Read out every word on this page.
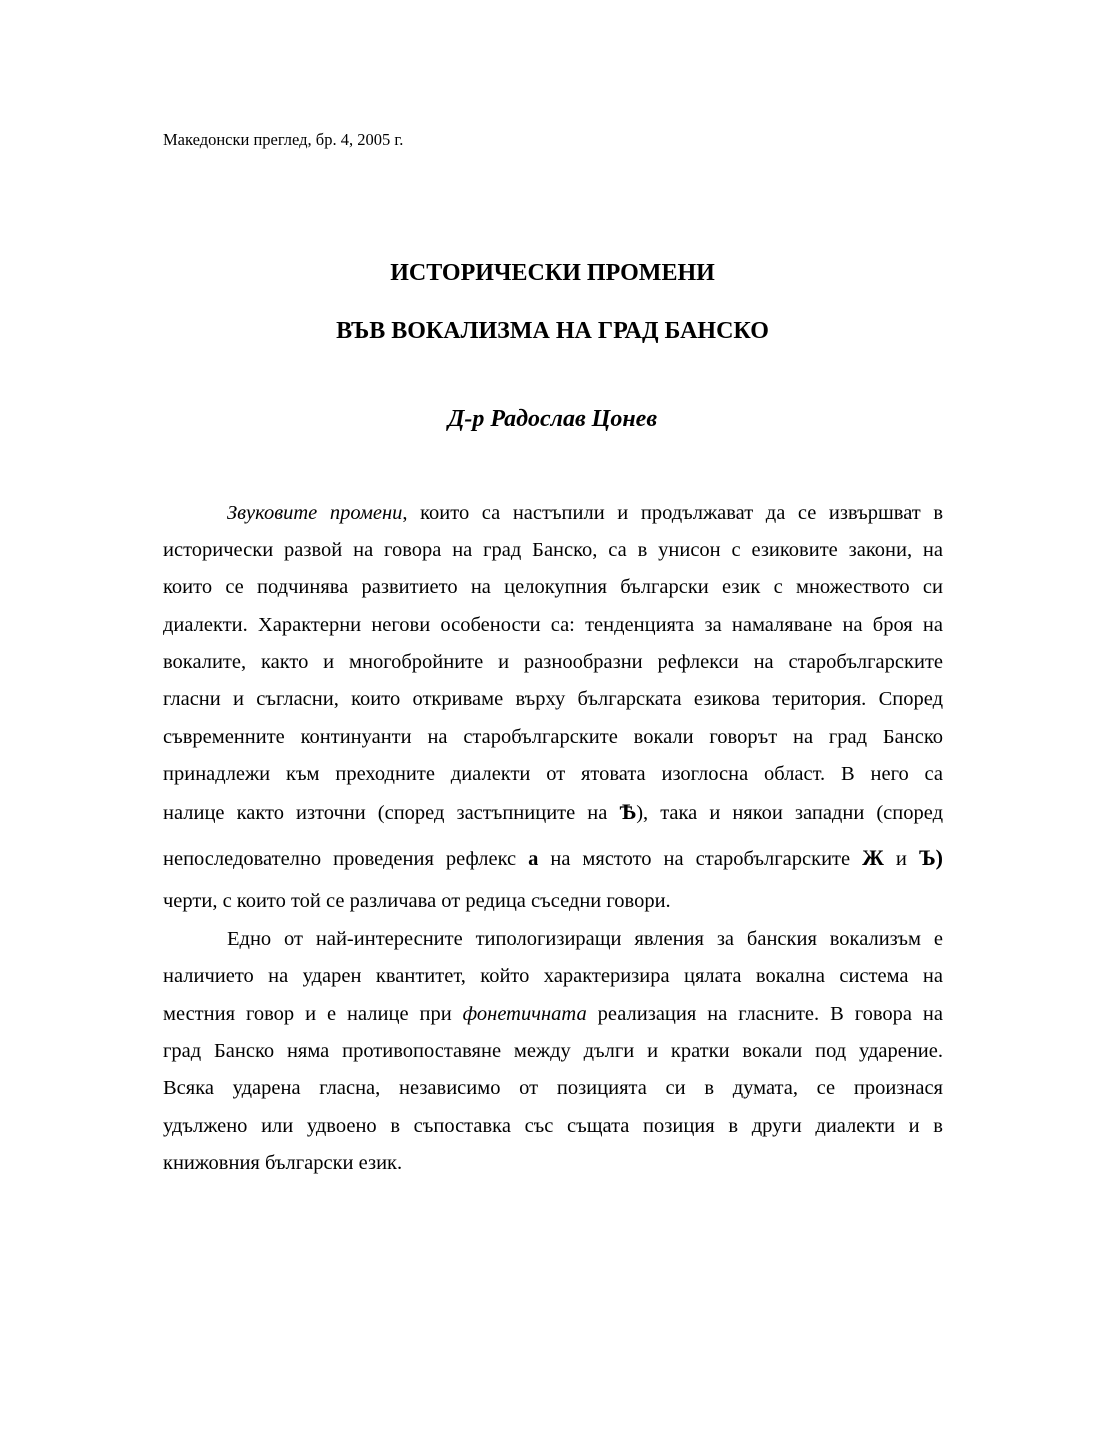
Македонски преглед, бр. 4, 2005 г.
ИСТОРИЧЕСКИ ПРОМЕНИ
ВЪВ ВОКАЛИЗМА НА ГРАД БАНСКО
Д-р Радослав Цонев
Звуковите промени, които са настъпили и продължават да се извършват в
исторически развой на говора на град Банско, са в унисон с езиковите закони, на
които се подчинява развитието на целокупния български език с множеството си
диалекти. Характерни негови особености са: тенденцията за намаляване на броя на
вокалите, както и многобройните и разнообразни рефлекси на старобългарските
гласни и съгласни, които откриваме върху българската езикова територия. Според
съвременните континуанти на старобългарските вокали говорът на град Банско
принадлежи към преходните диалекти от ятовата изоглосна област. В него са
налице както източни (според застъпниците на Ѣ), така и някои западни (според
непоследователно проведения рефлекс а на мястото на старобългарските Ж и Ъ)
черти, с които той се различава от редица съседни говори.
Едно от най-интересните типологизиращи явления за банския вокализъм е
наличието на ударен квантитет, който характеризира цялата вокална система на
местния говор и е налице при фонетичната реализация на гласните. В говора на
град Банско няма противопоставяне между дълги и кратки вокали под ударение.
Всяка ударена гласна, независимо от позицията си в думата, се произнася
удължено или удвоено в съпоставка със същата позиция в други диалекти и в
книжовния български език.
